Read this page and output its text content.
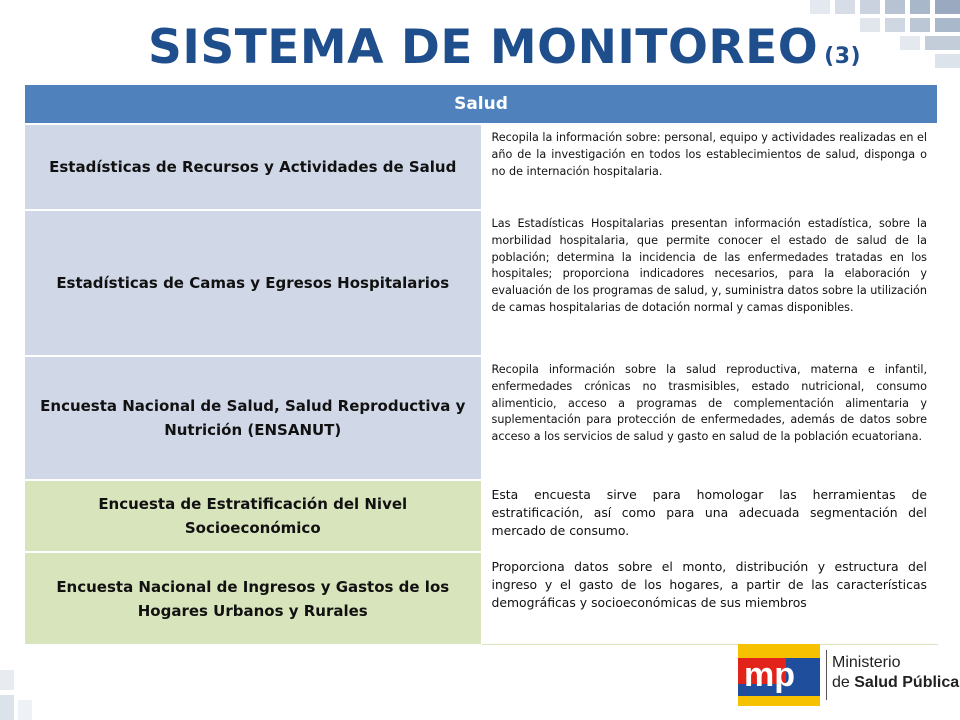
SISTEMA DE MONITOREO (3)
Salud	
Estadísticas de Recursos y Actividades de Salud	Recopila la información sobre: personal, equipo y actividades realizadas en el año de la investigación en todos los establecimientos de salud, disponga o no de internación hospitalaria.
Estadísticas de Camas y Egresos Hospitalarios	Las Estadísticas Hospitalarias presentan información estadística, sobre la morbilidad hospitalaria, que permite conocer el estado de salud de la población; determina la incidencia de las enfermedades tratadas en los hospitales; proporciona indicadores necesarios, para la elaboración y evaluación de los programas de salud, y, suministra datos sobre la utilización de camas hospitalarias de dotación normal y camas disponibles.
Encuesta Nacional de Salud, Salud Reproductiva y Nutrición (ENSANUT)	Recopila información sobre la salud reproductiva, materna e infantil, enfermedades crónicas no trasmisibles, estado nutricional, consumo alimenticio, acceso a programas de complementación alimentaria y suplementación para protección de enfermedades, además de datos sobre acceso a los servicios de salud y gasto en salud de la población ecuatoriana.
Encuesta de Estratificación del Nivel Socioeconómico	Esta encuesta sirve para homologar las herramientas de estratificación, así como para una adecuada segmentación del mercado de consumo.
Encuesta Nacional de Ingresos y Gastos de los Hogares Urbanos y Rurales	Proporciona datos sobre el monto, distribución y estructura del ingreso y el gasto de los hogares, a partir de las características demográficas y socioeconómicas de sus miembros
mp Ministerio
de Salud Pública
